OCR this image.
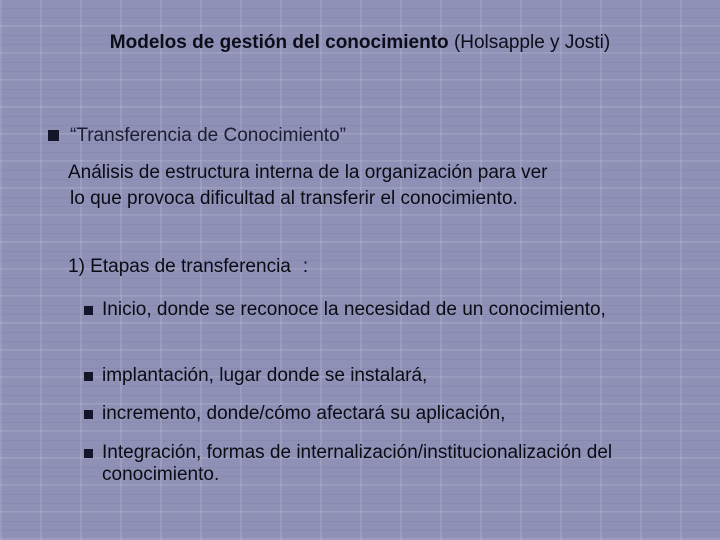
Modelos de gestión del conocimiento (Holsapple y Josti)
“Transferencia de Conocimiento”
Análisis de estructura interna de la organización para ver
lo que provoca dificultad al transferir el conocimiento.
1) Etapas de transferencia :
Inicio, donde se reconoce la necesidad de un conocimiento,
implantación, lugar donde se instalará,
incremento, donde/cómo afectará su aplicación,
Integración, formas de internalización/institucionalización del conocimiento.
